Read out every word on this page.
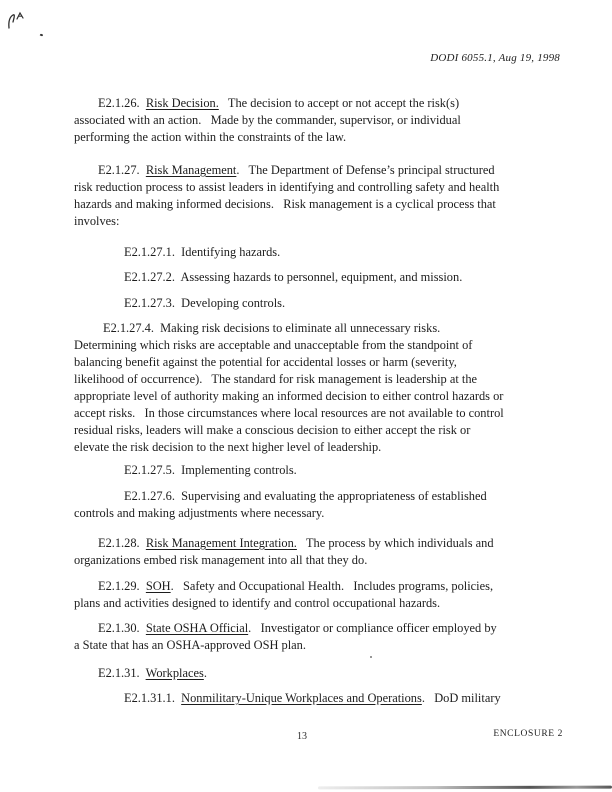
DODI 6055.1, Aug 19, 1998
E2.1.26.  Risk Decision.   The decision to accept or not accept the risk(s)
associated with an action.   Made by the commander, supervisor, or individual
performing the action within the constraints of the law.
E2.1.27.  Risk Management.   The Department of Defense’s principal structured
risk reduction process to assist leaders in identifying and controlling safety and health
hazards and making informed decisions.   Risk management is a cyclical process that
involves:
E2.1.27.1.  Identifying hazards.
E2.1.27.2.  Assessing hazards to personnel, equipment, and mission.
E2.1.27.3.  Developing controls.
E2.1.27.4.  Making risk decisions to eliminate all unnecessary risks.
Determining which risks are acceptable and unacceptable from the standpoint of
balancing benefit against the potential for accidental losses or harm (severity,
likelihood of occurrence).   The standard for risk management is leadership at the
appropriate level of authority making an informed decision to either control hazards or
accept risks.   In those circumstances where local resources are not available to control
residual risks, leaders will make a conscious decision to either accept the risk or
elevate the risk decision to the next higher level of leadership.
E2.1.27.5.  Implementing controls.
E2.1.27.6.  Supervising and evaluating the appropriateness of established
controls and making adjustments where necessary.
E2.1.28.  Risk Management Integration.   The process by which individuals and
organizations embed risk management into all that they do.
E2.1.29.  SOH.   Safety and Occupational Health.   Includes programs, policies,
plans and activities designed to identify and control occupational hazards.
E2.1.30.  State OSHA Official.   Investigator or compliance officer employed by
a State that has an OSHA-approved OSH plan.
E2.1.31.  Workplaces.
E2.1.31.1.  Nonmilitary-Unique Workplaces and Operations.   DoD military
13	ENCLOSURE 2
